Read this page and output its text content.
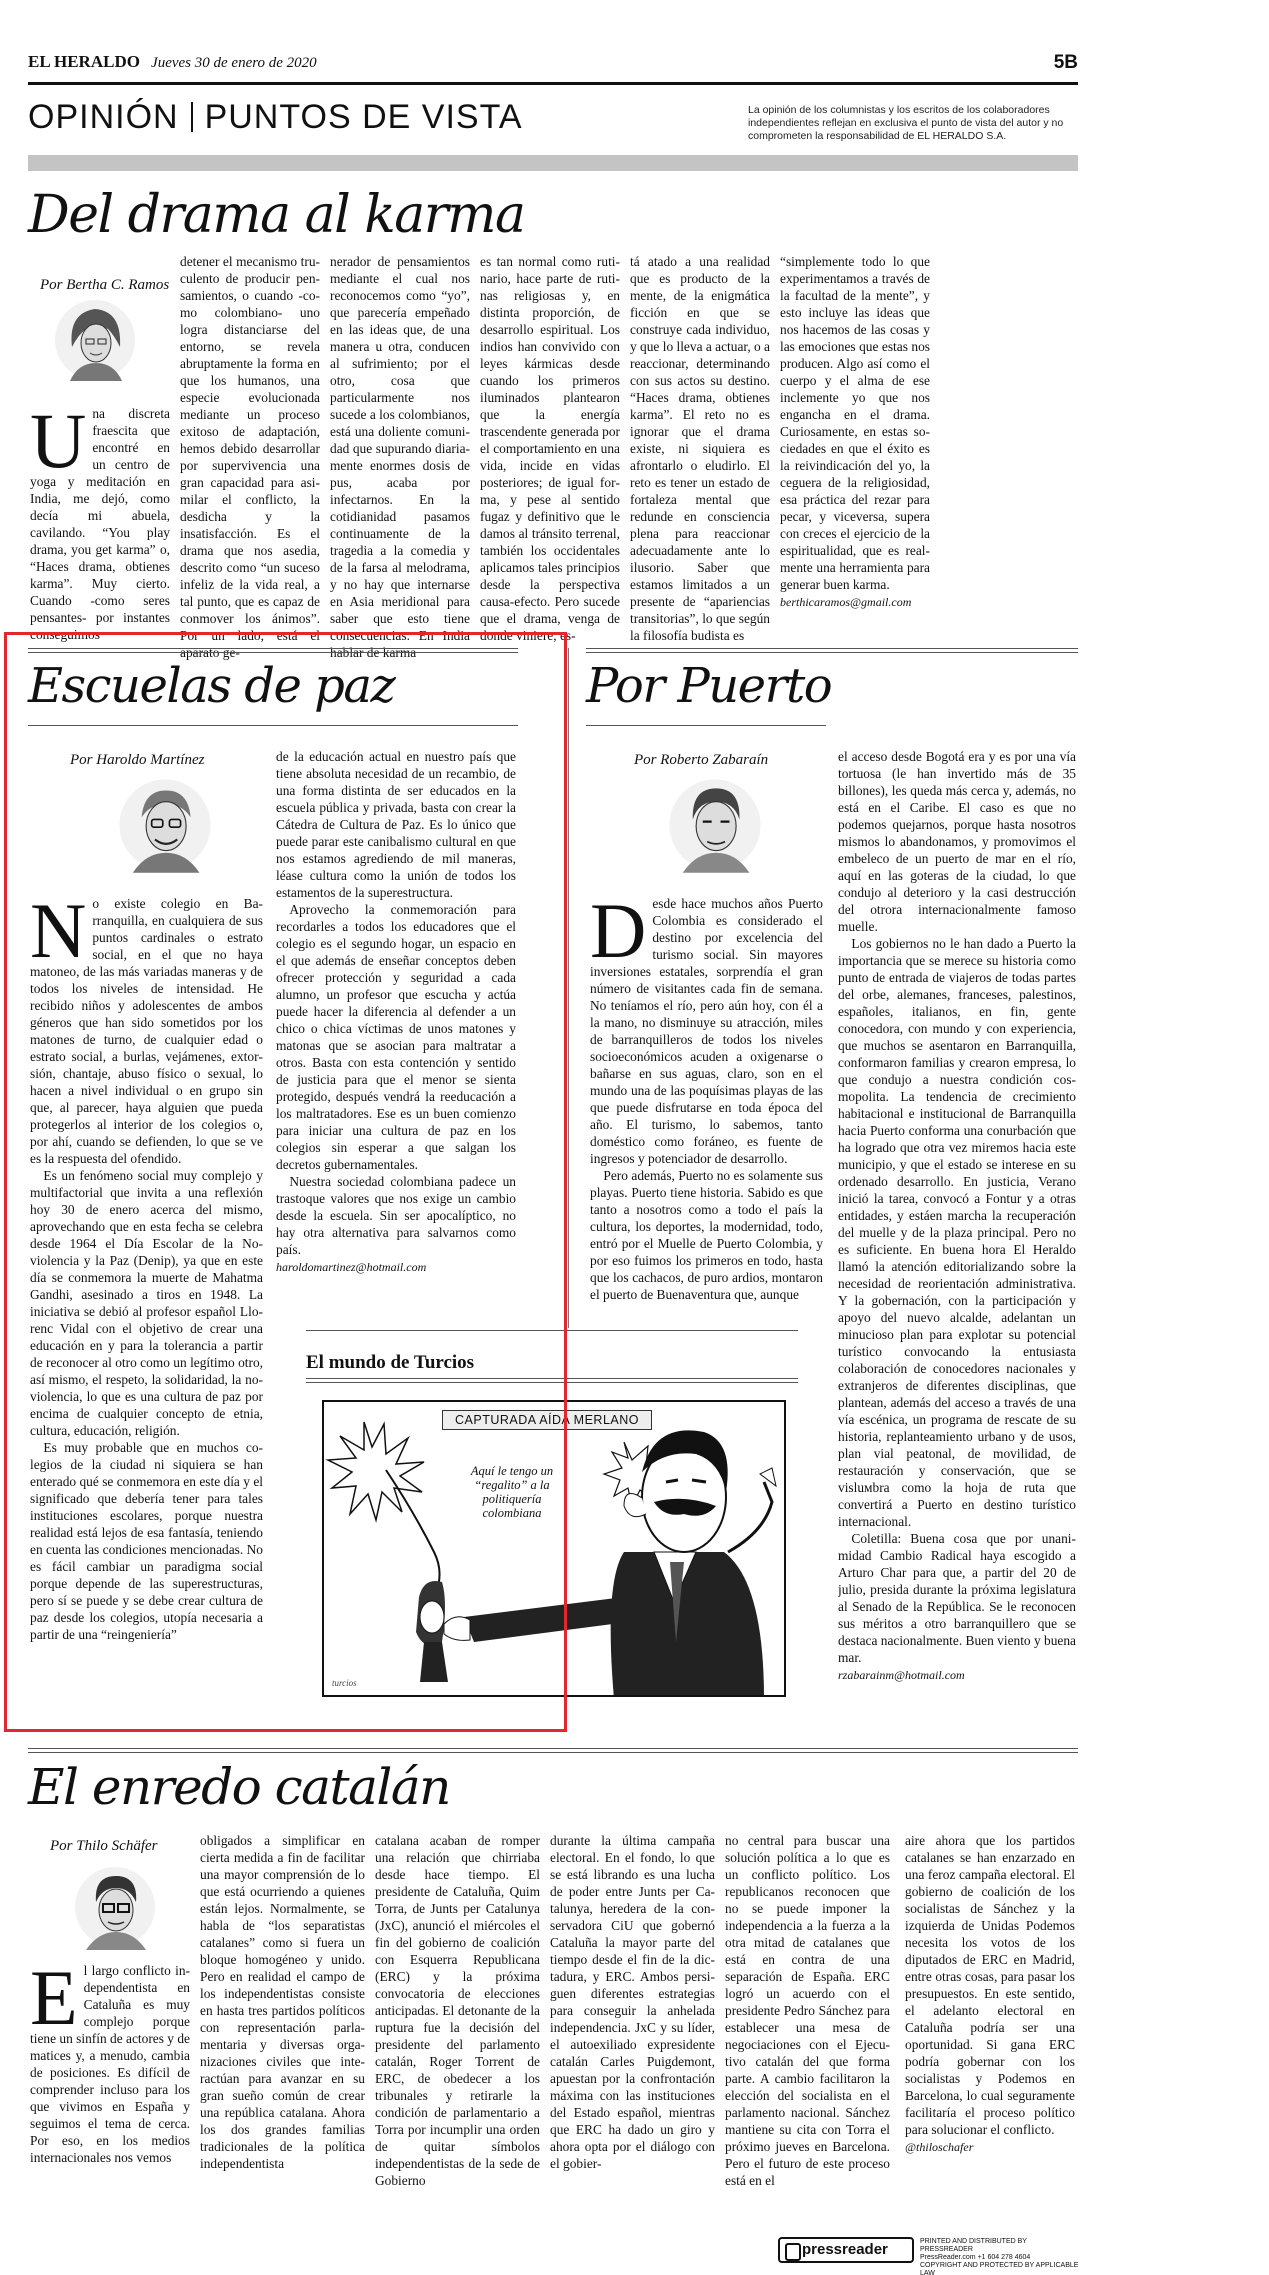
EL HERALDO Jueves 30 de enero de 2020	5B
OPINIÓN PUNTOS DE VISTA	La opinión de los columnistas y los escritos de los colaboradores independientes reflejan en exclusiva el punto de vista del autor y no comprometen la responsabilidad de EL HERALDO S.A.
Del drama al karma
Por Bertha C. Ramos
Una discreta fraescita que encontré en un centro de yoga y meditación en India, me dejó, como decía mi abuela, cavilando. “You play drama, you get karma” o, “Haces drama, obtienes karma”. Muy cierto. Cuando -como seres pensantes- por instantes conseguimos
detener el mecanismo truculento de producir pensamientos, o cuando -como colombiano- uno logra distanciarse del entorno, se revela abruptamente la forma en que los humanos, una especie evolucionada mediante un proceso exitoso de adaptación, hemos debido desarrollar por supervivencia una gran capacidad para asimilar el conflicto, la desdicha y la insatisfacción. Es el drama que nos asedia, descrito como “un suceso infeliz de la vida real, a tal punto, que es capaz de conmover los ánimos”. Por un lado, está el aparato ge-
nerador de pensamientos mediante el cual nos reconocemos como “yo”, que parecería empeñado en las ideas que, de una manera u otra, conducen al sufrimiento; por el otro, cosa que particularmente nos sucede a los colombianos, está una doliente comunidad que supurando diariamente enormes dosis de pus, acaba por infectarnos. En la cotidianidad pasamos continuamente de la tragedia a la comedia y de la farsa al melodrama, y no hay que internarse en Asia meridional para saber que esto tiene consecuencias. En India hablar de karma
es tan normal como rutinario, hace parte de rutinas religiosas y, en distinta proporción, de desarrollo espiritual. Los indios han convivido con leyes kármicas desde cuando los primeros iluminados plantearon que la energía trascendente generada por el comportamiento en una vida, incide en vidas posteriores; de igual forma, y pese al sentido fugaz y definitivo que le damos al tránsito terrenal, también los occidentales aplicamos tales principios desde la perspectiva causa-efecto. Pero sucede que el drama, venga de donde viniere, es-
tá atado a una realidad que es producto de la mente, de la enigmática ficción en que se construye cada individuo, y que lo lleva a actuar, o a reaccionar, determinando con sus actos su destino. “Haces drama, obtienes karma”. El reto no es ignorar que el drama existe, ni siquiera es afrontarlo o eludirlo. El reto es tener un estado de fortaleza mental que redunde en consciencia plena para reaccionar adecuadamente ante lo ilusorio. Saber que estamos limitados a un presente de “apariencias transitorias”, lo que según la filosofía budista es
“simplemente todo lo que experimentamos a través de la facultad de la mente”, y esto incluye las ideas que nos hacemos de las cosas y las emociones que estas nos producen. Algo así como el cuerpo y el alma de ese inclemente yo que nos engancha en el drama. Curiosamente, en estas sociedades en que el éxito es la reivindicación del yo, la ceguera de la religiosidad, esa práctica del rezar para pecar, y viceversa, supera con creces el ejercicio de la espiritualidad, que es realmente una herramienta para generar buen karma.
berthicaramos@gmail.com
Escuelas de paz
Por Haroldo Martínez
No existe colegio en Barranquilla, en cualquiera de sus puntos cardinales o estrato social, en el que no haya matoneo, de las más variadas maneras y de todos los niveles de intensidad. He recibido niños y adolescentes de ambos géneros que han sido sometidos por los matones de turno, de cualquier edad o estrato social, a burlas, vejámenes, extorsión, chantaje, abuso físico o sexual, lo hacen a nivel individual o en grupo sin que, al parecer, haya alguien que pueda protegerlos al interior de los colegios o, por ahí, cuando se defienden, lo que se ve es la respuesta del ofendido.
 Es un fenómeno social muy complejo y multifactorial que invita a una reflexión hoy 30 de enero acerca del mismo, aprovechando que en esta fecha se celebra desde 1964 el Día Escolar de la No-violencia y la Paz (Denip), ya que en este día se conmemora la muerte de Mahatma Gandhi, asesinado a tiros en 1948. La iniciativa se debió al profesor español Llorenc Vidal con el objetivo de crear una educación en y para la tolerancia a partir de reconocer al otro como un legítimo otro, así mismo, el respeto, la solidaridad, la no-violencia, lo que es una cultura de paz por encima de cualquier concepto de etnia, cultura, educación, religión.
 Es muy probable que en muchos colegios de la ciudad ni siquiera se han enterado qué se conmemora en este día y el significado que debería tener para tales instituciones escolares, porque nuestra realidad está lejos de esa fantasía, teniendo en cuenta las condiciones mencionadas. No es fácil cambiar un paradigma social porque depende de las superestructuras, pero sí se puede y se debe crear cultura de paz desde los colegios, utopía necesaria a partir de una “reingeniería”
de la educación actual en nuestro país que tiene absoluta necesidad de un recambio, de una forma distinta de ser educados en la escuela pública y privada, basta con crear la Cátedra de Cultura de Paz. Es lo único que puede parar este canibalismo cultural en que nos estamos agrediendo de mil maneras, léase cultura como la unión de todos los estamentos de la superestructura.
 Aprovecho la conmemoración para recordarles a todos los educadores que el colegio es el segundo hogar, un espacio en el que además de enseñar conceptos deben ofrecer protección y seguridad a cada alumno, un profesor que escucha y actúa puede hacer la diferencia al defender a un chico o chica víctimas de unos matones y matonas que se asocian para maltratar a otros. Basta con esta contención y sentido de justicia para que el menor se sienta protegido, después vendrá la reeducación a los maltratadores. Ese es un buen comienzo para iniciar una cultura de paz en los colegios sin esperar a que salgan los decretos gubernamentales.
 Nuestra sociedad colombiana padece un trastoque valores que nos exige un cambio desde la escuela. Sin ser apocalíptico, no hay otra alternativa para salvarnos como país.
haroldomartinez@hotmail.com
Por Puerto
Por Roberto Zabaraín
Desde hace muchos años Puerto Colombia es considerado el destino por excelencia del turismo social. Sin mayores inversiones estatales, sorprendía el gran número de visitantes cada fin de semana. No teníamos el río, pero aún hoy, con él a la mano, no disminuye su atracción, miles de barranquilleros de todos los niveles socioeconómicos acuden a oxigenarse o bañarse en sus aguas, claro, son en el mundo una de las poquísimas playas de las que puede disfrutarse en toda época del año. El turismo, lo sabemos, tanto doméstico como foráneo, es fuente de ingresos y potenciador de desarrollo.
 Pero además, Puerto no es solamente sus playas. Puerto tiene historia. Sabido es que tanto a nosotros como a todo el país la cultura, los deportes, la modernidad, todo, entró por el Muelle de Puerto Colombia, y por eso fuimos los primeros en todo, hasta que los cachacos, de puro ardios, montaron el puerto de Buenaventura que, aunque
el acceso desde Bogotá era y es por una vía tortuosa (le han invertido más de 35 billones), les queda más cerca y, además, no está en el Caribe. El caso es que no podemos quejarnos, porque hasta nosotros mismos lo abandonamos, y promovimos el embeleco de un puerto de mar en el río, aquí en las goteras de la ciudad, lo que condujo al deterioro y la casi destrucción del otrora internacionalmente famoso muelle.
 Los gobiernos no le han dado a Puerto la importancia que se merece su historia como punto de entrada de viajeros de todas partes del orbe, alemanes, franceses, palestinos, españoles, italianos, en fin, gente conocedora, con mundo y con experiencia, que muchos se asentaron en Barranquilla, conformaron familias y crearon empresa, lo que condujo a nuestra condición cosmopolita. La tendencia de crecimiento habitacional e institucional de Barranquilla hacia Puerto conforma una conurbación que ha logrado que otra vez miremos hacia este municipio, y que el estado se interese en su ordenado desarrollo. En justicia, Verano inició la tarea, convocó a Fontur y a otras entidades, y estáen marcha la recuperación del muelle y de la plaza principal. Pero no es suficiente. En buena hora El Heraldo llamó la atención editorializando sobre la necesidad de reorientación administrativa. Y la gobernación, con la participación y apoyo del nuevo alcalde, adelantan un minucioso plan para explotar su potencial turístico convocando la entusiasta colaboración de conocedores nacionales y extranjeros de diferentes disciplinas, que plantean, además del acceso a través de una vía escénica, un programa de rescate de su historia, replanteamiento urbano y de usos, plan vial peatonal, de movilidad, de restauración y conservación, que se visluмbra como la hoja de ruta que convertirá a Puerto en destino turístico internacional.
 Coletilla: Buena cosa que por unanimidad Cambio Radical haya escogido a Arturo Char para que, a partir del 20 de julio, presida durante la próxima legislatura al Senado de la República. Se le reconocen sus méritos a otro barranquillero que se destaca nacionalmente. Buen viento y buena mar.
rzabarainm@hotmail.com
El mundo de Turcios
CAPTURADA AÍDA MERLANO
Aquí le tengo un “regalito” a la politiquería colombiana
turcios
El enredo catalán
Por Thilo Schäfer
El largo conflicto independentista en Cataluña es muy complejo porque tiene un sinfín de actores y de matices y, a menudo, cambia de posiciones. Es difícil de comprender incluso para los que vivimos en España y seguimos el tema de cerca. Por eso, en los medios internacionales nos vemos
obligados a simplificar en cierta medida a fin de facilitar una mayor comprensión de lo que está ocurriendo a quienes están lejos. Normalmente, se habla de “los separatistas catalanes” como si fuera un bloque homogéneo y unido. Pero en realidad el campo de los independentistas consiste en hasta tres partidos políticos con representación parlamentaria y diversas organizaciones civiles que interactúan para avanzar en su gran sueño común de crear una república catalana. Ahora los dos grandes familias tradicionales de la política independentista
catalana acaban de romper una relación que chirriaba desde hace tiempo. El presidente de Cataluña, Quim Torra, de Junts per Catalunya (JxC), anunció el miércoles el fin del gobierno de coalición con Esquerra Republicana (ERC) y la próxima convocatoria de elecciones anticipadas. El detonante de la ruptura fue la decisión del presidente del parlamento catalán, Roger Torrent de ERC, de obedecer a los tribunales y retirarle la condición de parlamentario a Torra por incumplir una orden de quitar símbolos independentistas de la sede de Gobierno
durante la última campaña electoral. En el fondo, lo que se está librando es una lucha de poder entre Junts per Catalunya, heredera de la conservadora CiU que gobernó Cataluña la mayor parte del tiempo desde el fin de la dictadura, y ERC. Ambos persiguen diferentes estrategias para conseguir la anhelada independencia. JxC y su líder, el autoexiliado expresidente catalán Carles Puigdemont, apuestan por la confrontación máxima con las instituciones del Estado español, mientras que ERC ha dado un giro y ahora opta por el diálogo con el gobier-
no central para buscar una solución política a lo que es un conflicto político. Los republicanos reconocen que no se puede imponer la independencia a la fuerza a la otra mitad de catalanes que está en contra de una separación de España. ERC logró un acuerdo con el presidente Pedro Sánchez para establecer una mesa de negociaciones con el Ejecutivo catalán del que forma parte. A cambio facilitaron la elección del socialista en el parlamento nacional. Sánchez mantiene su cita con Torra el próximo jueves en Barcelona. Pero el futuro de este proceso está en el
aire ahora que los partidos catalanes se han enzarzado en una feroz campaña electoral. El gobierno de coalición de los socialistas de Sánchez y la izquierda de Unidas Podemos necesita los votos de los diputados de ERC en Madrid, entre otras cosas, para pasar los presupuestos. En este sentido, el adelanto electoral en Cataluña podría ser una oportunidad. Si gana ERC podría gobernar con los socialistas y Podemos en Barcelona, lo cual seguramente facilitaría el proceso político para solucionar el conflicto.
@thiloschafer
pressreader	PRINTED AND DISTRIBUTED BY PRESSREADER
PressReader.com +1 604 278 4604
COPYRIGHT AND PROTECTED BY APPLICABLE LAW
